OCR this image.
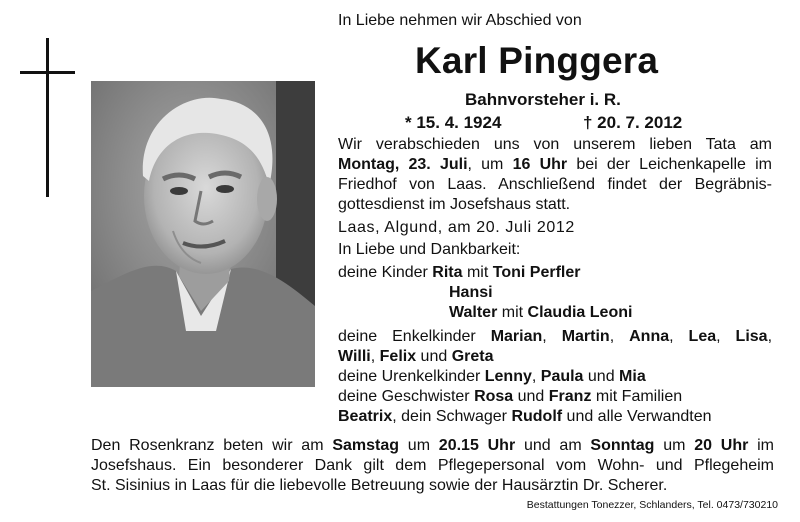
In Liebe nehmen wir Abschied von
Karl Pinggera
Bahnvorsteher i. R.
* 15. 4. 1924	† 20. 7. 2012
Wir verabschieden uns von unserem lieben Tata am
Montag, 23. Juli, um 16 Uhr bei der Leichenkapelle im
Friedhof von Laas. Anschließend findet der Begräbnis-
gottesdienst im Josefshaus statt.
Laas, Algund, am 20. Juli 2012
In Liebe und Dankbarkeit:
deine Kinder Rita mit Toni Perfler
Hansi
Walter mit Claudia Leoni
deine Enkelkinder Marian, Martin, Anna, Lea, Lisa,
Willi, Felix und Greta
deine Urenkelkinder Lenny, Paula und Mia
deine Geschwister Rosa und Franz mit Familien
Beatrix, dein Schwager Rudolf und alle Verwandten
Den Rosenkranz beten wir am Samstag um 20.15 Uhr und am Sonntag um 20 Uhr im
Josefshaus. Ein besonderer Dank gilt dem Pflegepersonal vom Wohn- und Pflegeheim
St. Sisinius in Laas für die liebevolle Betreuung sowie der Hausärztin Dr. Scherer.
Bestattungen Tonezzer, Schlanders, Tel. 0473/730210
